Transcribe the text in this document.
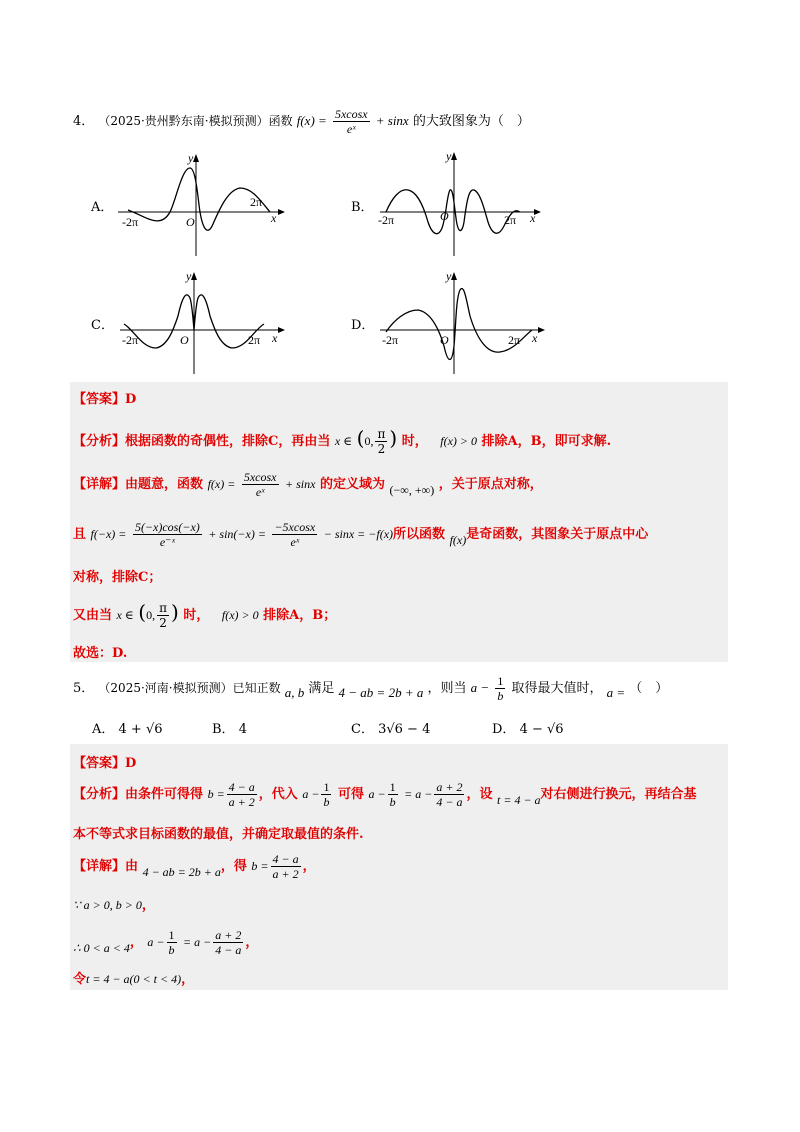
4． （2025·贵州黔东南·模拟预测）函数 $f(x) = \frac{5xcosx}{\text{eˣ}} + \sin x$ 的大致图象为（　）
A．
-2π
2π
O	x
y
B．
-2π	2π
O	x
y
C．
-2π	2π
O	x
y
D．
-2π	2π
O	x
y
【答案】D
【分析】根据函数的奇偶性，排除C，再由当 x ∈ (0, $\frac{\pi}{2}$ ) 时， f(x) > 0 排除A，B，即可求解.
【详解】由题意，函数 $f(x) = \frac{5xcosx}{\text{eˣ}} + \sin x$ 的定义域为 (−∞, +∞) ，关于原点对称，
且 $f(-x) = \frac{5(-x)\cos(-x)}{\text{e⁻ˣ}} + \sin(-x) = \frac{-5xcosx}{\text{eˣ}} - \sin x = -f(x)$所以函数 f(x)是奇函数，其图象关于原点中心
对称，排除C；
又由当 x ∈ (0, $\frac{\pi}{2}$ ) 时， f(x) > 0 排除A，B；
故选：D.
5． （2025·河南·模拟预测）已知正数 a, b 满足 4 − ab = 2b + a ，则当 $a - \frac{1}{b}$ 取得最大值时， a = （　）
A． 4 + √6	B． 4	C． 3√6 − 4	D． 4 − √6
【答案】D
【分析】由条件可得得 $b = \frac{4 - a}{a + 2}$ ，代入 $a - \frac{1}{b}$ 可得 $a - \frac{1}{b} = a - \frac{a + 2}{4 - a}$ ，设 t = 4 − a对右侧进行换元，再结合基
本不等式求目标函数的最值，并确定取最值的条件.
【详解】由 4 − ab = 2b + a，得 $b = \frac{4 - a}{a + 2}$ ，
∵ a > 0, b > 0，
∴ 0 < a < 4， $a - \frac{1}{b} = a - \frac{a + 2}{4 - a}$ ，
令t = 4 − a(0 < t < 4)，
